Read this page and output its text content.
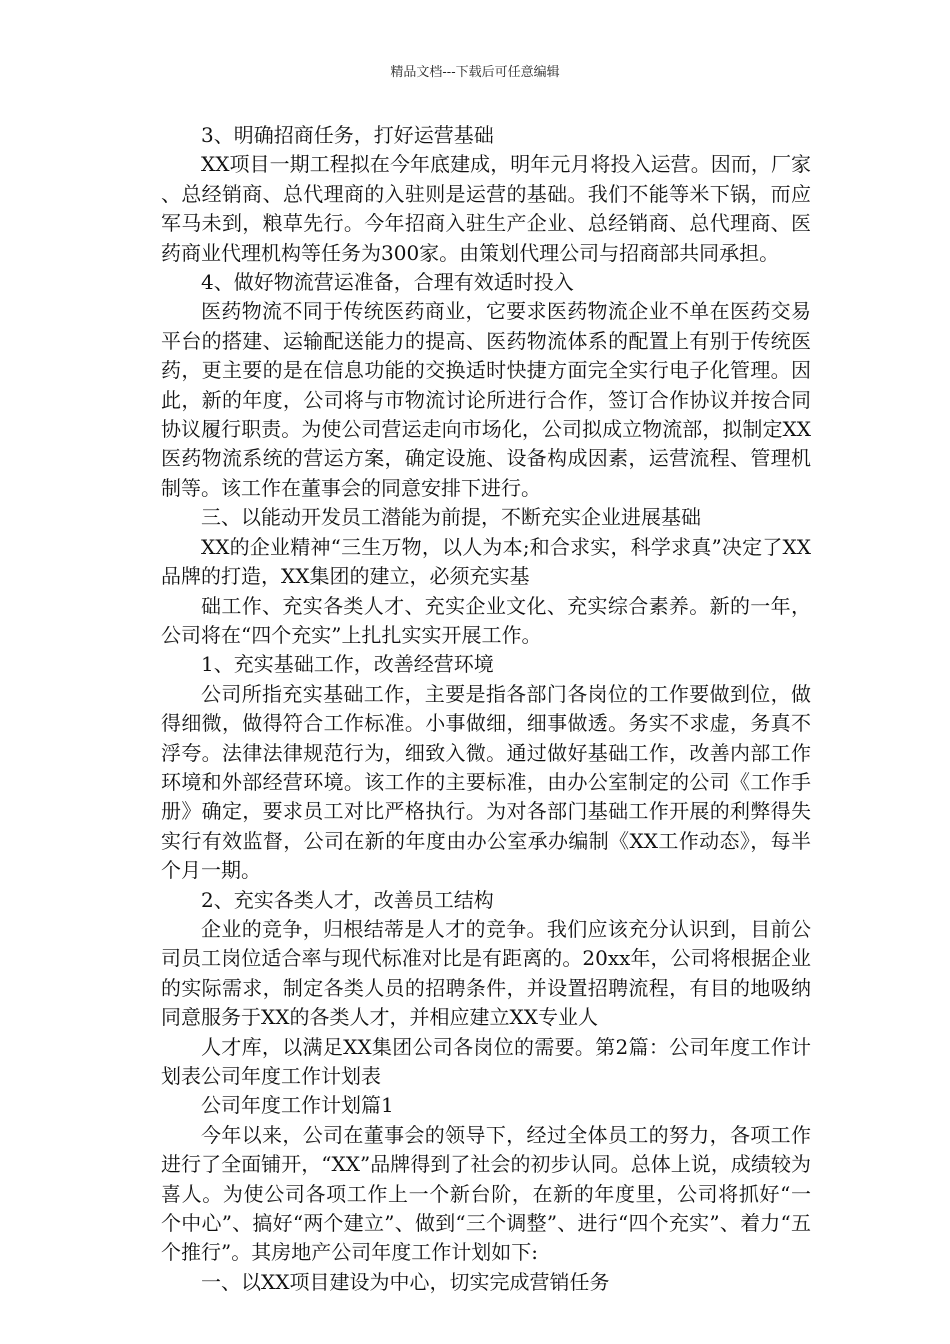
精品文档---下载后可任意编辑

3、明确招商任务，打好运营基础

XX项目一期工程拟在今年底建成，明年元月将投入运营。因而，厂家、总经销商、总代理商的入驻则是运营的基础。我们不能等米下锅，而应军马未到，粮草先行。今年招商入驻生产企业、总经销商、总代理商、医药商业代理机构等任务为300家。由策划代理公司与招商部共同承担。

4、做好物流营运准备，合理有效适时投入

医药物流不同于传统医药商业，它要求医药物流企业不单在医药交易平台的搭建、运输配送能力的提高、医药物流体系的配置上有别于传统医药，更主要的是在信息功能的交换适时快捷方面完全实行电子化管理。因此，新的年度，公司将与市物流讨论所进行合作，签订合作协议并按合同协议履行职责。为使公司营运走向市场化，公司拟成立物流部，拟制定XX医药物流系统的营运方案，确定设施、设备构成因素，运营流程、管理机制等。该工作在董事会的同意安排下进行。

三、以能动开发员工潜能为前提，不断充实企业进展基础

XX的企业精神“三生万物，以人为本;和合求实，科学求真”决定了XX品牌的打造，XX集团的建立，必须充实基

础工作、充实各类人才、充实企业文化、充实综合素养。新的一年，公司将在“四个充实”上扎扎实实开展工作。

1、充实基础工作，改善经营环境

公司所指充实基础工作，主要是指各部门各岗位的工作要做到位，做得细微，做得符合工作标准。小事做细，细事做透。务实不求虚，务真不浮夸。法律法律规范行为，细致入微。通过做好基础工作，改善内部工作环境和外部经营环境。该工作的主要标准，由办公室制定的公司《工作手册》确定，要求员工对比严格执行。为对各部门基础工作开展的利弊得失实行有效监督，公司在新的年度由办公室承办编制《XX工作动态》，每半个月一期。

2、充实各类人才，改善员工结构

企业的竞争，归根结蒂是人才的竞争。我们应该充分认识到，目前公司员工岗位适合率与现代标准对比是有距离的。20xx年，公司将根据企业的实际需求，制定各类人员的招聘条件，并设置招聘流程，有目的地吸纳同意服务于XX的各类人才，并相应建立XX专业人

人才库，以满足XX集团公司各岗位的需要。第2篇：公司年度工作计划表公司年度工作计划表

公司年度工作计划篇1

今年以来，公司在董事会的领导下，经过全体员工的努力，各项工作进行了全面铺开，“XX”品牌得到了社会的初步认同。总体上说，成绩较为喜人。为使公司各项工作上一个新台阶，在新的年度里，公司将抓好“一个中心”、搞好“两个建立”、做到“三个调整”、进行“四个充实”、着力“五个推行”。其房地产公司年度工作计划如下:

一、以XX项目建设为中心，切实完成营销任务
